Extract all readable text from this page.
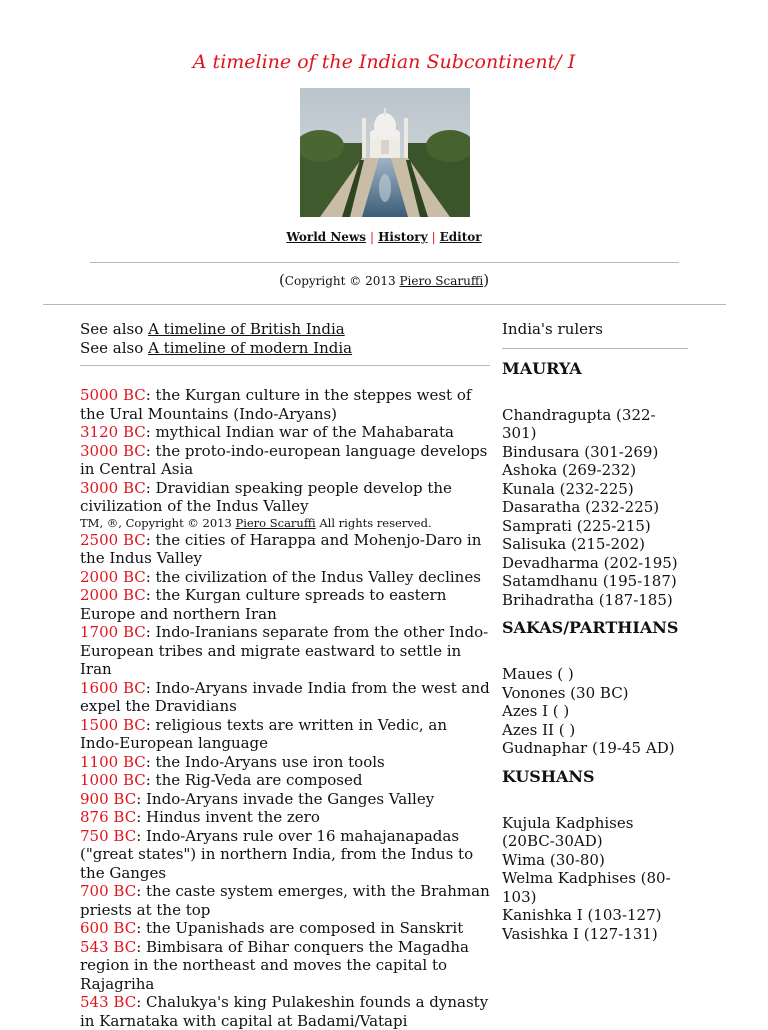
A timeline of the Indian Subcontinent/ I
World News | History | Editor
(Copyright © 2013 Piero Scaruffi)
See also A timeline of British India
See also A timeline of modern India

5000 BC: the Kurgan culture in the steppes west of the Ural Mountains (Indo-Aryans)

3120 BC: mythical Indian war of the Mahabarata

3000 BC: the proto-indo-european language develops in Central Asia

3000 BC: Dravidian speaking people develop the civilization of the Indus Valley

TM, ®, Copyright © 2013 Piero Scaruffi All rights reserved.

2500 BC: the cities of Harappa and Mohenjo-Daro in the Indus Valley

2000 BC: the civilization of the Indus Valley declines

2000 BC: the Kurgan culture spreads to eastern Europe and northern Iran

1700 BC: Indo-Iranians separate from the other Indo-European tribes and migrate eastward to settle in Iran

1600 BC: Indo-Aryans invade India from the west and expel the Dravidians

1500 BC: religious texts are written in Vedic, an Indo-European language

1100 BC: the Indo-Aryans use iron tools

1000 BC: the Rig-Veda are composed

900 BC: Indo-Aryans invade the Ganges Valley

876 BC: Hindus invent the zero

750 BC: Indo-Aryans rule over 16 mahajanapadas ("great states") in northern India, from the Indus to the Ganges

700 BC: the caste system emerges, with the Brahman priests at the top

600 BC: the Upanishads are composed in Sanskrit

543 BC: Bimbisara of Bihar conquers the Magadha region in the northeast and moves the capital to Rajagriha

543 BC: Chalukya's king Pulakeshin founds a dynasty in Karnataka with capital at Badami/Vatapi

India's rulers
MAURYA

Chandragupta (322-301)

Bindusara (301-269)

Ashoka (269-232)

Kunala (232-225)

Dasaratha (232-225)

Samprati (225-215)

Salisuka (215-202)

Devadharma (202-195)

Satamdhanu (195-187)

Brihadratha (187-185)

SAKAS/PARTHIANS

Maues ( )

Vonones (30 BC)

Azes I ( )

Azes II ( )

Gudnaphar (19-45 AD)

KUSHANS

Kujula Kadphises (20BC-30AD)

Wima (30-80)

Welma Kadphises (80-103)

Kanishka I (103-127)

Vasishka I (127-131)
